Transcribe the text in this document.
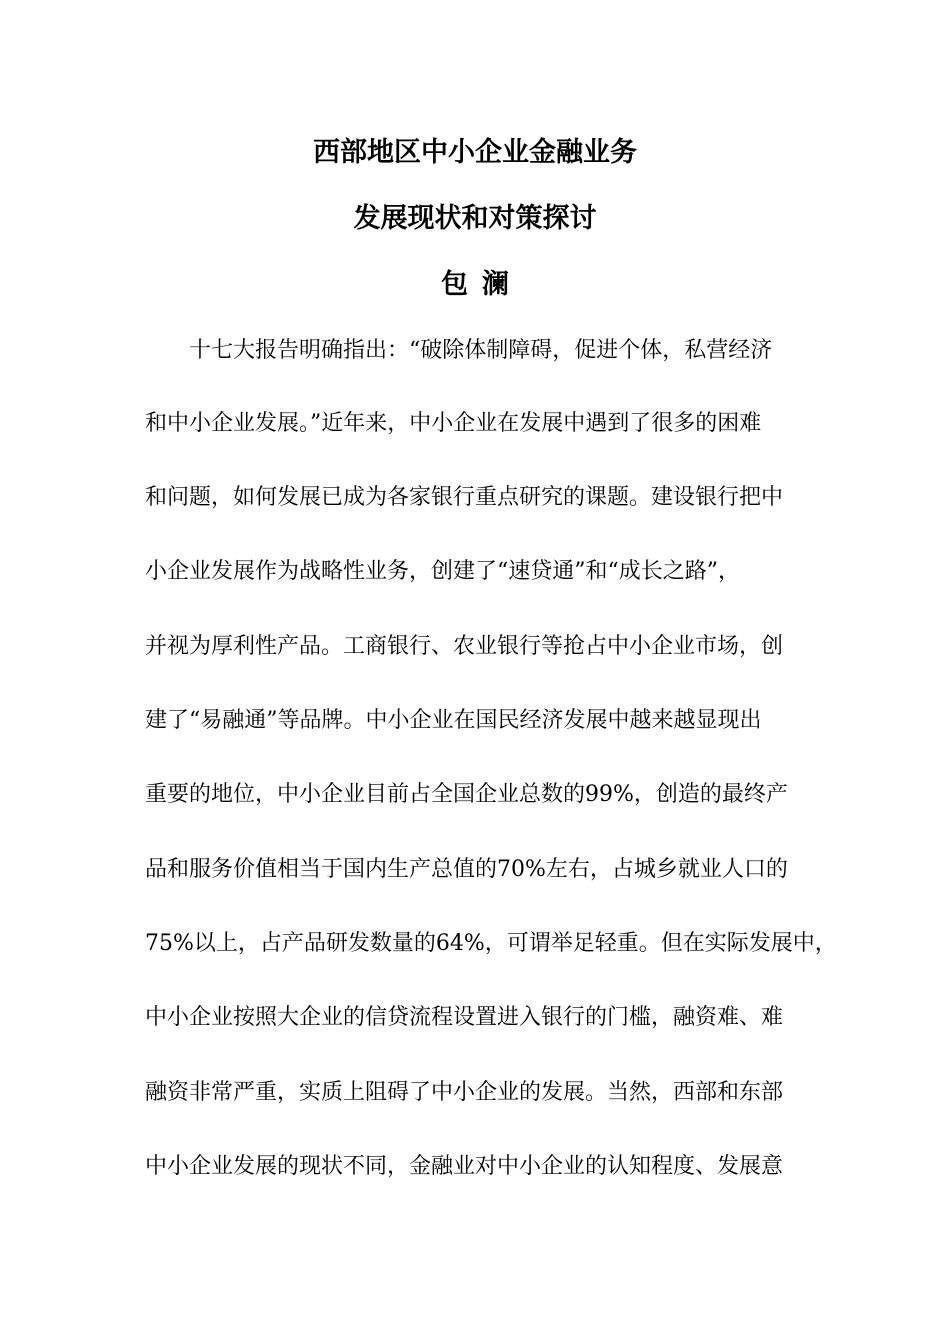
西部地区中小企业金融业务
发展现状和对策探讨
包澜

十七大报告明确指出：“破除体制障碍，促进个体，私营经济

和中小企业发展。”近年来，中小企业在发展中遇到了很多的困难

和问题，如何发展已成为各家银行重点研究的课题。建设银行把中

小企业发展作为战略性业务，创建了“速贷通”和“成长之路”，

并视为厚利性产品。工商银行、农业银行等抢占中小企业市场，创

建了“易融通”等品牌。中小企业在国民经济发展中越来越显现出

重要的地位，中小企业目前占全国企业总数的99%，创造的最终产

品和服务价值相当于国内生产总值的70%左右，占城乡就业人口的

75%以上，占产品研发数量的64%，可谓举足轻重。但在实际发展中，

中小企业按照大企业的信贷流程设置进入银行的门槛，融资难、难

融资非常严重，实质上阻碍了中小企业的发展。当然，西部和东部

中小企业发展的现状不同，金融业对中小企业的认知程度、发展意
